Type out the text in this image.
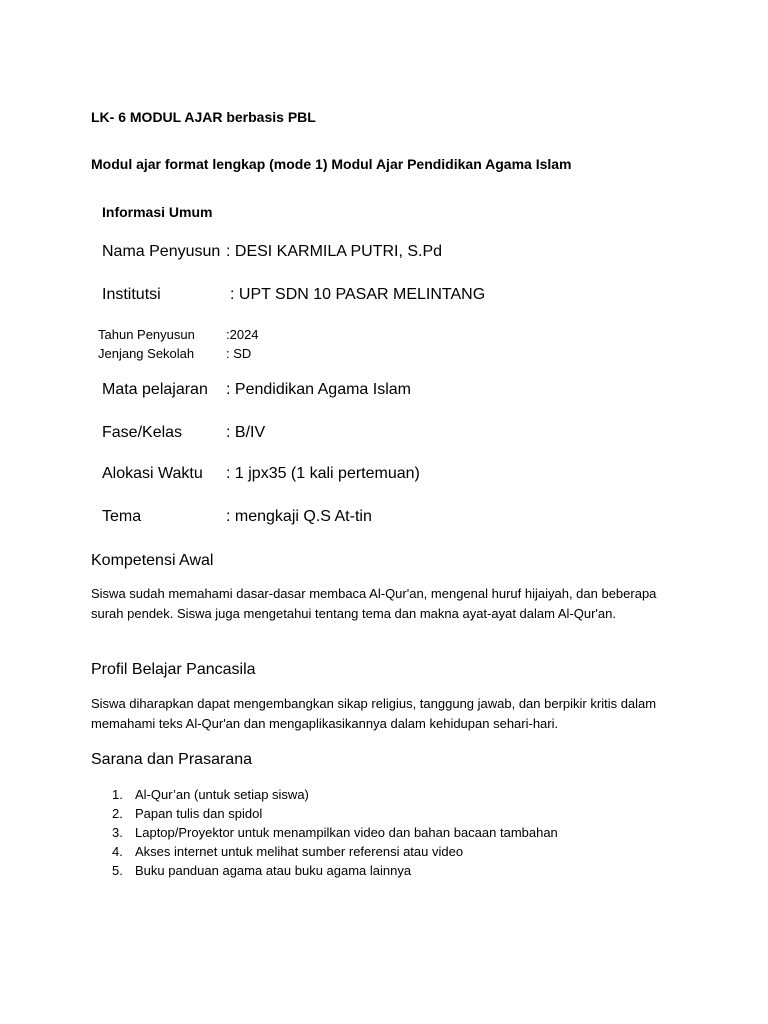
LK- 6 MODUL AJAR berbasis PBL

Modul ajar format lengkap (mode 1) Modul Ajar Pendidikan Agama Islam

Informasi Umum

Nama Penyusun : DESI KARMILA PUTRI, S.Pd
Institutsi	: UPT SDN 10 PASAR MELINTANG
Tahun Penyusun :2024
Jenjang Sekolah : SD
Mata pelajaran : Pendidikan Agama Islam
Fase/Kelas	: B/IV
Alokasi Waktu : 1 jpx35 (1 kali pertemuan)
Tema	: mengkaji Q.S At-tin

Kompetensi Awal

Siswa sudah memahami dasar-dasar membaca Al-Qur'an, mengenal huruf hijaiyah, dan beberapa surah pendek. Siswa juga mengetahui tentang tema dan makna ayat-ayat dalam Al-Qur'an.

Profil Belajar Pancasila

Siswa diharapkan dapat mengembangkan sikap religius, tanggung jawab, dan berpikir kritis dalam memahami teks Al-Qur'an dan mengaplikasikannya dalam kehidupan sehari-hari.

Sarana dan Prasarana

1. Al-Qur’an (untuk setiap siswa)
2. Papan tulis dan spidol
3. Laptop/Proyektor untuk menampilkan video dan bahan bacaan tambahan
4. Akses internet untuk melihat sumber referensi atau video
5. Buku panduan agama atau buku agama lainnya
